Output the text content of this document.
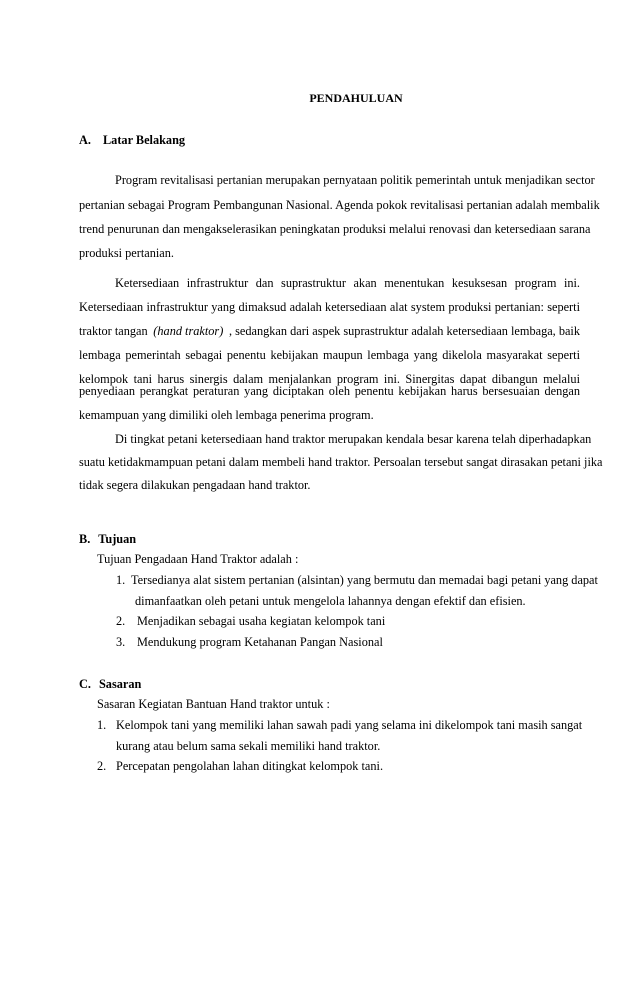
PENDAHULUAN
A. Latar Belakang
Program revitalisasi pertanian merupakan pernyataan politik pemerintah untuk menjadikan sector
pertanian sebagai Program Pembangunan Nasional. Agenda pokok revitalisasi pertanian adalah membalik
trend penurunan dan mengakselerasikan peningkatan produksi melalui renovasi dan ketersediaan sarana
produksi pertanian.
Ketersediaan infrastruktur dan suprastruktur akan menentukan kesuksesan program ini.
Ketersediaan infrastruktur yang dimaksud adalah ketersediaan alat system produksi pertanian: seperti
traktor tangan (hand traktor) , sedangkan dari aspek suprastruktur adalah ketersediaan lembaga, baik
lembaga pemerintah sebagai penentu kebijakan maupun lembaga yang dikelola masyarakat seperti
kelompok tani harus sinergis dalam menjalankan program ini. Sinergitas dapat dibangun melalui
penyediaan perangkat peraturan yang diciptakan oleh penentu kebijakan harus bersesuaian dengan
kemampuan yang dimiliki oleh lembaga penerima program.
Di tingkat petani ketersediaan hand traktor merupakan kendala besar karena telah diperhadapkan
suatu ketidakmampuan petani dalam membeli hand traktor. Persoalan tersebut sangat dirasakan petani jika
tidak segera dilakukan pengadaan hand traktor.
B. Tujuan
Tujuan Pengadaan Hand Traktor adalah :
1. Tersedianya alat sistem pertanian (alsintan) yang bermutu dan memadai bagi petani yang dapat
dimanfaatkan oleh petani untuk mengelola lahannya dengan efektif dan efisien.
2. Menjadikan sebagai usaha kegiatan kelompok tani
3. Mendukung program Ketahanan Pangan Nasional
C. Sasaran
Sasaran Kegiatan Bantuan Hand traktor untuk :
1. Kelompok tani yang memiliki lahan sawah padi yang selama ini dikelompok tani masih sangat
kurang atau belum sama sekali memiliki hand traktor.
2. Percepatan pengolahan lahan ditingkat kelompok tani.
